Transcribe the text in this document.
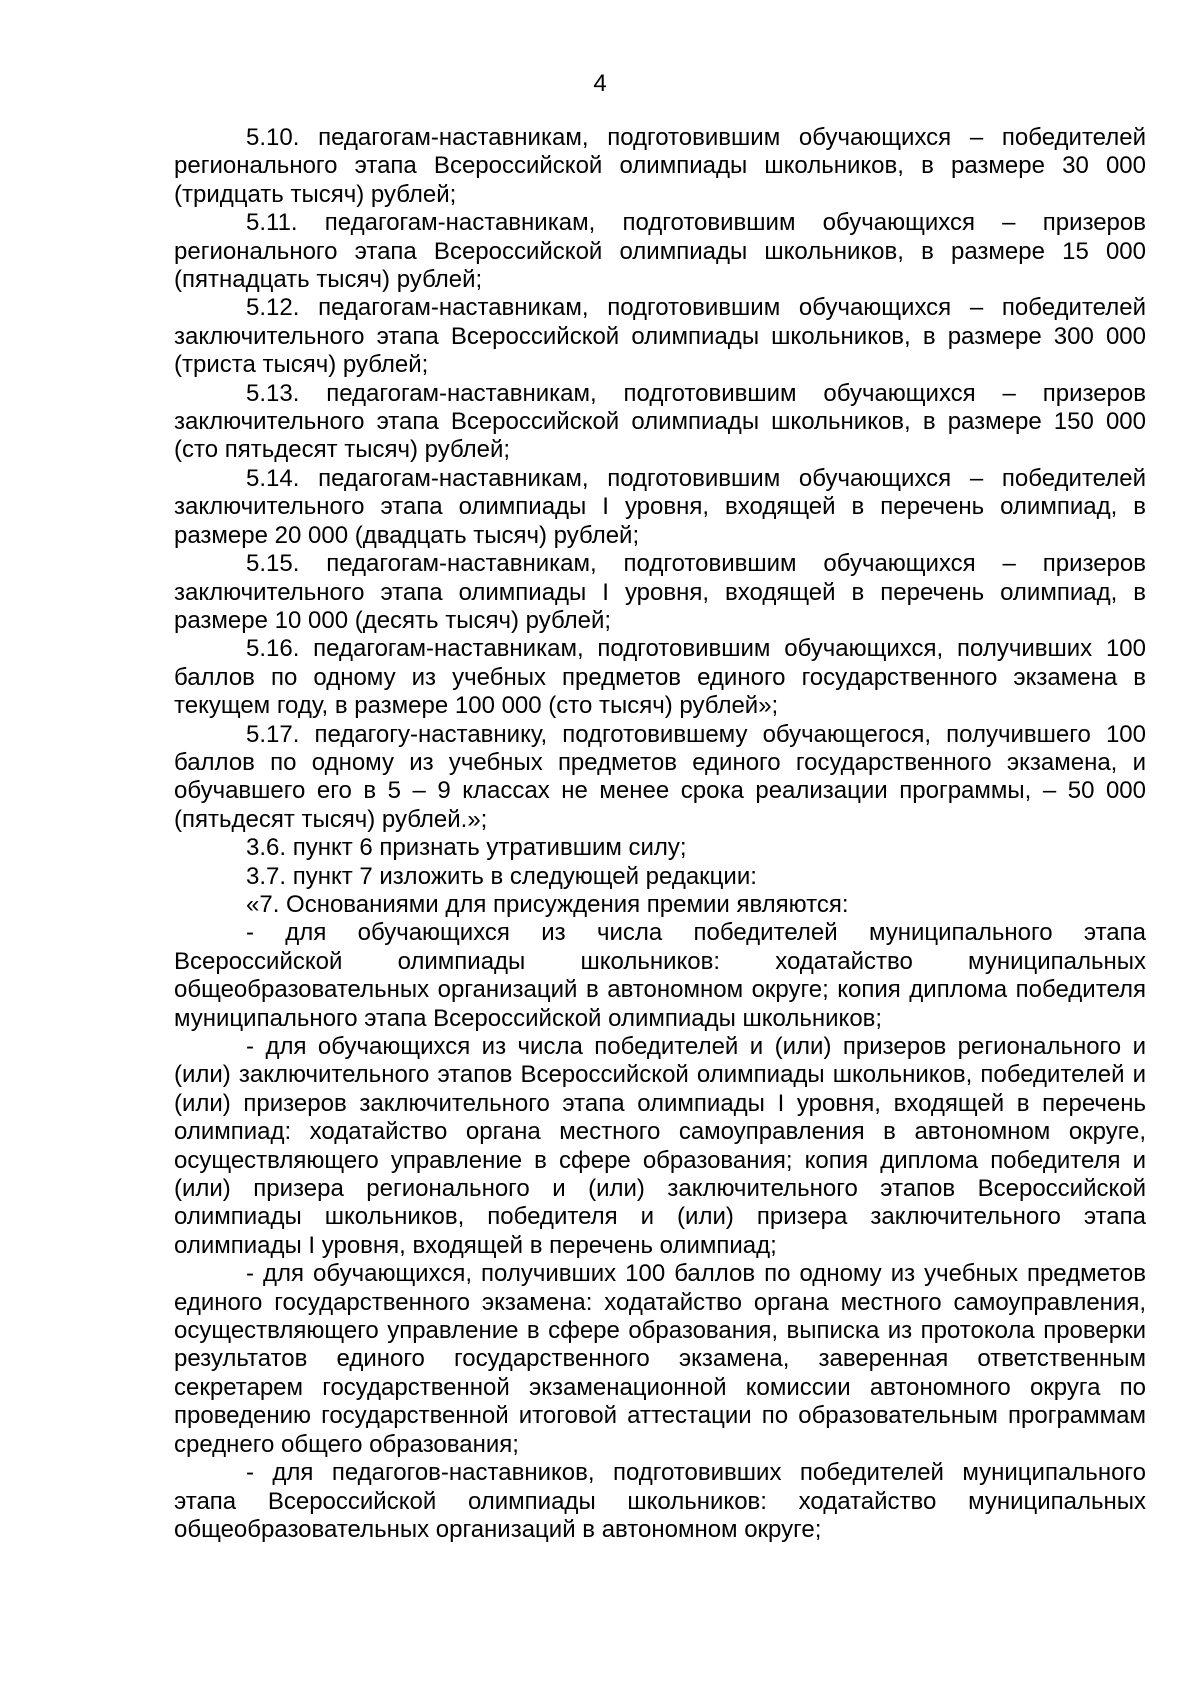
4

5.10. педагогам-наставникам, подготовившим обучающихся – победителей регионального этапа Всероссийской олимпиады школьников, в размере 30 000 (тридцать тысяч) рублей;

5.11. педагогам-наставникам, подготовившим обучающихся – призеров регионального этапа Всероссийской олимпиады школьников, в размере 15 000 (пятнадцать тысяч) рублей;

5.12. педагогам-наставникам, подготовившим обучающихся – победителей заключительного этапа Всероссийской олимпиады школьников, в размере 300 000 (триста тысяч) рублей;

5.13. педагогам-наставникам, подготовившим обучающихся – призеров заключительного этапа Всероссийской олимпиады школьников, в размере 150 000 (сто пятьдесят тысяч) рублей;

5.14. педагогам-наставникам, подготовившим обучающихся – победителей заключительного этапа олимпиады I уровня, входящей в перечень олимпиад, в размере 20 000 (двадцать тысяч) рублей;

5.15. педагогам-наставникам, подготовившим обучающихся – призеров заключительного этапа олимпиады I уровня, входящей в перечень олимпиад, в размере 10 000 (десять тысяч) рублей;

5.16. педагогам-наставникам, подготовившим обучающихся, получивших 100 баллов по одному из учебных предметов единого государственного экзамена в текущем году, в размере 100 000 (сто тысяч) рублей»;

5.17. педагогу-наставнику, подготовившему обучающегося, получившего 100 баллов по одному из учебных предметов единого государственного экзамена, и обучавшего его в 5 – 9 классах не менее срока реализации программы, – 50 000 (пятьдесят тысяч) рублей.»;

3.6. пункт 6 признать утратившим силу;

3.7. пункт 7 изложить в следующей редакции:

«7. Основаниями для присуждения премии являются:

- для обучающихся из числа победителей муниципального этапа Всероссийской олимпиады школьников: ходатайство муниципальных общеобразовательных организаций в автономном округе; копия диплома победителя муниципального этапа Всероссийской олимпиады школьников;

- для обучающихся из числа победителей и (или) призеров регионального и (или) заключительного этапов Всероссийской олимпиады школьников, победителей и (или) призеров заключительного этапа олимпиады I уровня, входящей в перечень олимпиад: ходатайство органа местного самоуправления в автономном округе, осуществляющего управление в сфере образования; копия диплома победителя и (или) призера регионального и (или) заключительного этапов Всероссийской олимпиады школьников, победителя и (или) призера заключительного этапа олимпиады I уровня, входящей в перечень олимпиад;

- для обучающихся, получивших 100 баллов по одному из учебных предметов единого государственного экзамена: ходатайство органа местного самоуправления, осуществляющего управление в сфере образования, выписка из протокола проверки результатов единого государственного экзамена, заверенная ответственным секретарем государственной экзаменационной комиссии автономного округа по проведению государственной итоговой аттестации по образовательным программам среднего общего образования;

- для педагогов-наставников, подготовивших победителей муниципального этапа Всероссийской олимпиады школьников: ходатайство муниципальных общеобразовательных организаций в автономном округе;
